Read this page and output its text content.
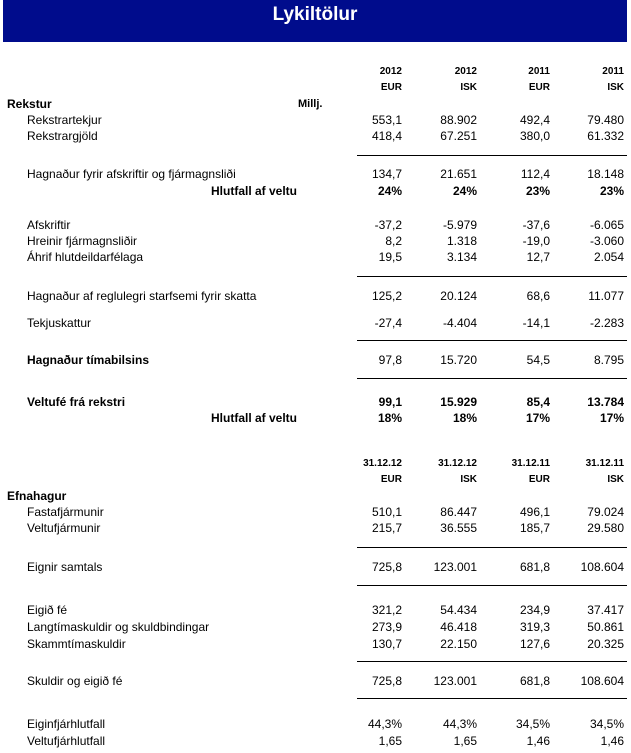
Lykiltölur
2012	2012	2011	2011
EUR	ISK	EUR	ISK
Rekstur	Millj.
Rekstrartekjur	553,1	88.902	492,4	79.480
Rekstrargjöld	418,4	67.251	380,0	61.332
Hagnaður fyrir afskriftir og fjármagnsliði	134,7	21.651	112,4	18.148
Hlutfall af veltu	24%	24%	23%	23%
Afskriftir	-37,2	-5.979	-37,6	-6.065
Hreinir fjármagnsliðir	8,2	1.318	-19,0	-3.060
Áhrif hlutdeildarfélaga	19,5	3.134	12,7	2.054
Hagnaður af reglulegri starfsemi fyrir skatta	125,2	20.124	68,6	11.077
Tekjuskattur	-27,4	-4.404	-14,1	-2.283
Hagnaður tímabilsins	97,8	15.720	54,5	8.795
Veltufé frá rekstri	99,1	15.929	85,4	13.784
Hlutfall af veltu	18%	18%	17%	17%
31.12.12	31.12.12	31.12.11	31.12.11
EUR	ISK	EUR	ISK
Efnahagur
Fastafjármunir	510,1	86.447	496,1	79.024
Veltufjármunir	215,7	36.555	185,7	29.580
Eignir samtals	725,8	123.001	681,8	108.604
Eigið fé	321,2	54.434	234,9	37.417
Langtímaskuldir og skuldbindingar	273,9	46.418	319,3	50.861
Skammtímaskuldir	130,7	22.150	127,6	20.325
Skuldir og eigið fé	725,8	123.001	681,8	108.604
Eiginfjárhlutfall	44,3%	44,3%	34,5%	34,5%
Veltufjárhlutfall	1,65	1,65	1,46	1,46
